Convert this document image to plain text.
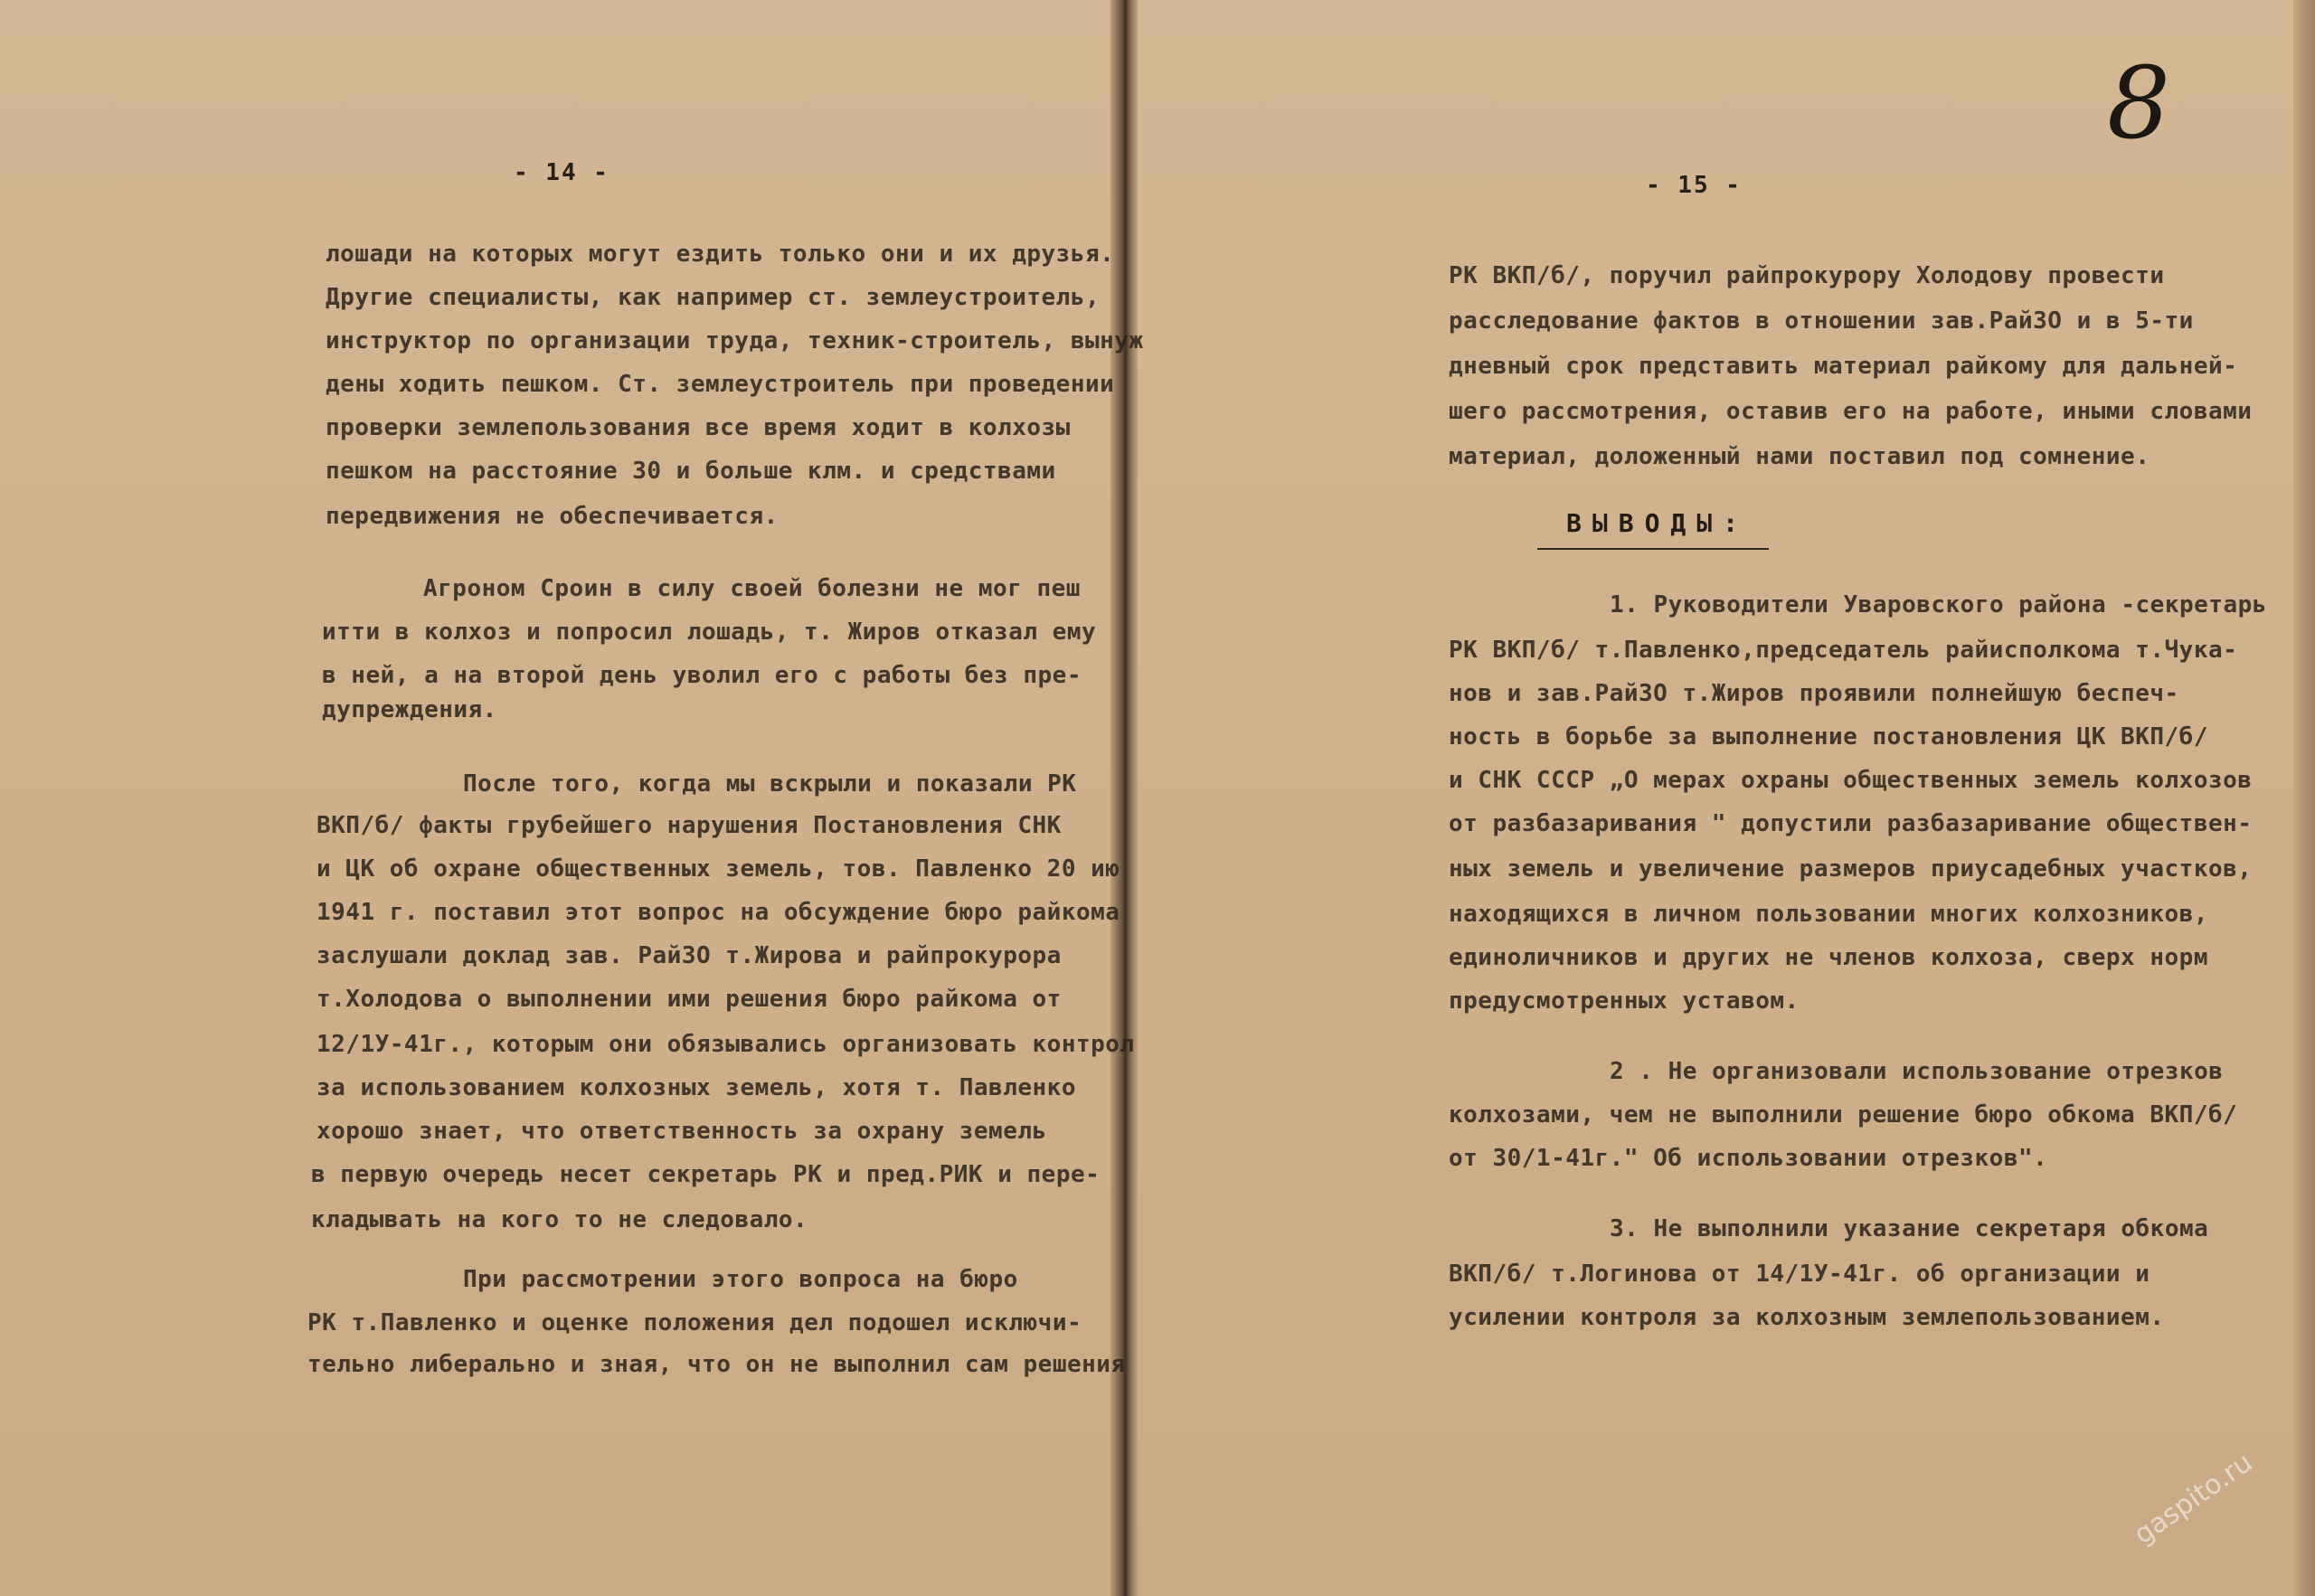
- 14 -
лошади на которых могут ездить только они и их друзья.
Другие специалисты, как например ст. землеустроитель,
инструктор по организации труда, техник-строитель, вынуж
дены ходить пешком. Ст. землеустроитель при проведении
проверки землепользования все время ходит в колхозы
пешком на расстояние 30 и больше клм. и средствами
передвижения не обеспечивается.
Агроном Сроин в силу своей болезни не мог пеш
итти в колхоз и попросил лошадь, т. Жиров отказал ему
в ней, а на второй день уволил его с работы без пре-
дупреждения.
После того, когда мы вскрыли и показали РК
ВКП/б/ факты грубейшего нарушения Постановления СНК
и ЦК об охране общественных земель, тов. Павленко 20 ию
1941 г. поставил этот вопрос на обсуждение бюро райкома
заслушали доклад зав. РайЗО т.Жирова и райпрокурора
т.Холодова о выполнении ими решения бюро райкома от
12/1У-41г., которым они обязывались организовать контрол
за использованием колхозных земель, хотя т. Павленко
хорошо знает, что ответственность за охрану земель
в первую очередь несет секретарь РК и пред.РИК и пере-
кладывать на кого то не следовало.
При рассмотрении этого вопроса на бюро
РК т.Павленко и оценке положения дел подошел исключи-
тельно либерально и зная, что он не выполнил сам решения
8
- 15 -
РК ВКП/б/, поручил райпрокурору Холодову провести
расследование фактов в отношении зав.РайЗО и в 5-ти
дневный срок представить материал райкому для дальней-
шего рассмотрения, оставив его на работе, иными словами
материал, доложенный нами поставил под сомнение.
ВЫВОДЫ:
1. Руководители Уваровского района -секретарь
РК ВКП/б/ т.Павленко,председатель райисполкома т.Чука-
нов и зав.РайЗО т.Жиров проявили полнейшую беспеч-
ность в борьбе за выполнение постановления ЦК ВКП/б/
и СНК СССР „О мерах охраны общественных земель колхозов
от разбазаривания " допустили разбазаривание обществен-
ных земель и увеличение размеров приусадебных участков,
находящихся в личном пользовании многих колхозников,
единоличников и других не членов колхоза, сверх норм
предусмотренных уставом.
2 . Не организовали использование отрезков
колхозами, чем не выполнили решение бюро обкома ВКП/б/
от 30/1-41г." Об использовании отрезков".
3. Не выполнили указание секретаря обкома
ВКП/б/ т.Логинова от 14/1У-41г. об организации и
усилении контроля за колхозным землепользованием.
gaspito.ru
